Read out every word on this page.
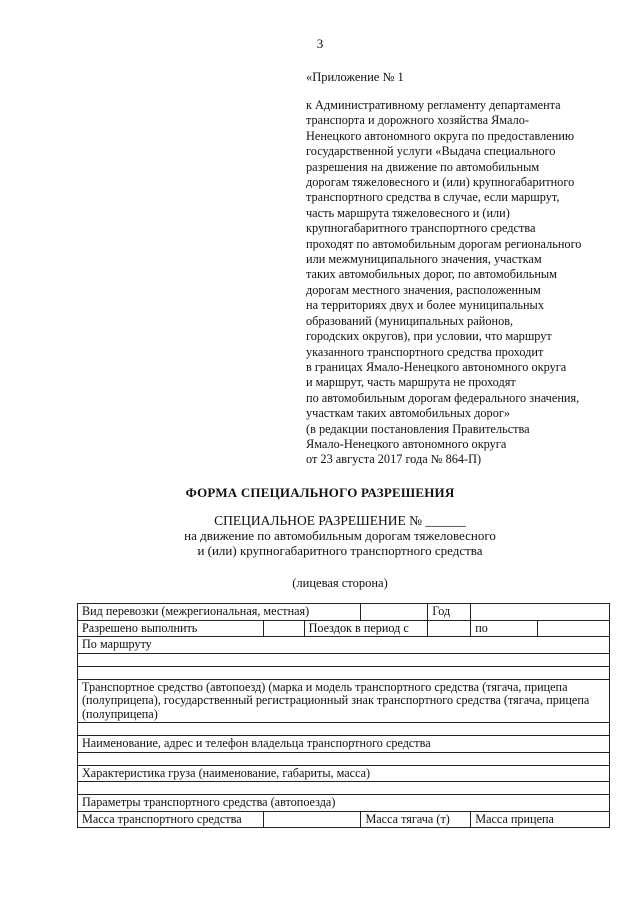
3
«Приложение № 1
к Административному регламенту департамента
транспорта и дорожного хозяйства Ямало-
Ненецкого автономного округа по предоставлению
государственной услуги «Выдача специального
разрешения на движение по автомобильным
дорогам тяжеловесного и (или) крупногабаритного
транспортного средства в случае, если маршрут,
часть маршрута тяжеловесного и (или)
крупногабаритного транспортного средства
проходят по автомобильным дорогам регионального
или межмуниципального значения, участкам
таких автомобильных дорог, по автомобильным
дорогам местного значения, расположенным
на территориях двух и более муниципальных
образований (муниципальных районов,
городских округов), при условии, что маршрут
указанного транспортного средства проходит
в границах Ямало-Ненецкого автономного округа
и маршрут, часть маршрута не проходят
по автомобильным дорогам федерального значения,
участкам таких автомобильных дорог»
(в редакции постановления Правительства
Ямало-Ненецкого автономного округа
от 23 августа 2017 года № 864-П)
ФОРМА СПЕЦИАЛЬНОГО РАЗРЕШЕНИЯ
СПЕЦИАЛЬНОЕ РАЗРЕШЕНИЕ № ______
на движение по автомобильным дорогам тяжеловесного
и (или) крупногабаритного транспортного средства
(лицевая сторона)
Вид перевозки (межрегиональная, местная)				Год		
Разрешено выполнить		Поездок в период с			по	
По маршруту						

Транспортное средство (автопоезд) (марка и модель транспортного средства (тягача, прицепа (полуприцепа), государственный регистрационный знак транспортного средства (тягача, прицепа (полуприцепа)						

Наименование, адрес и телефон владельца транспортного средства						

Характеристика груза (наименование, габариты, масса)						

Параметры транспортного средства (автопоезда)						
Масса транспортного средства			Масса тягача (т)		Масса прицепа	
